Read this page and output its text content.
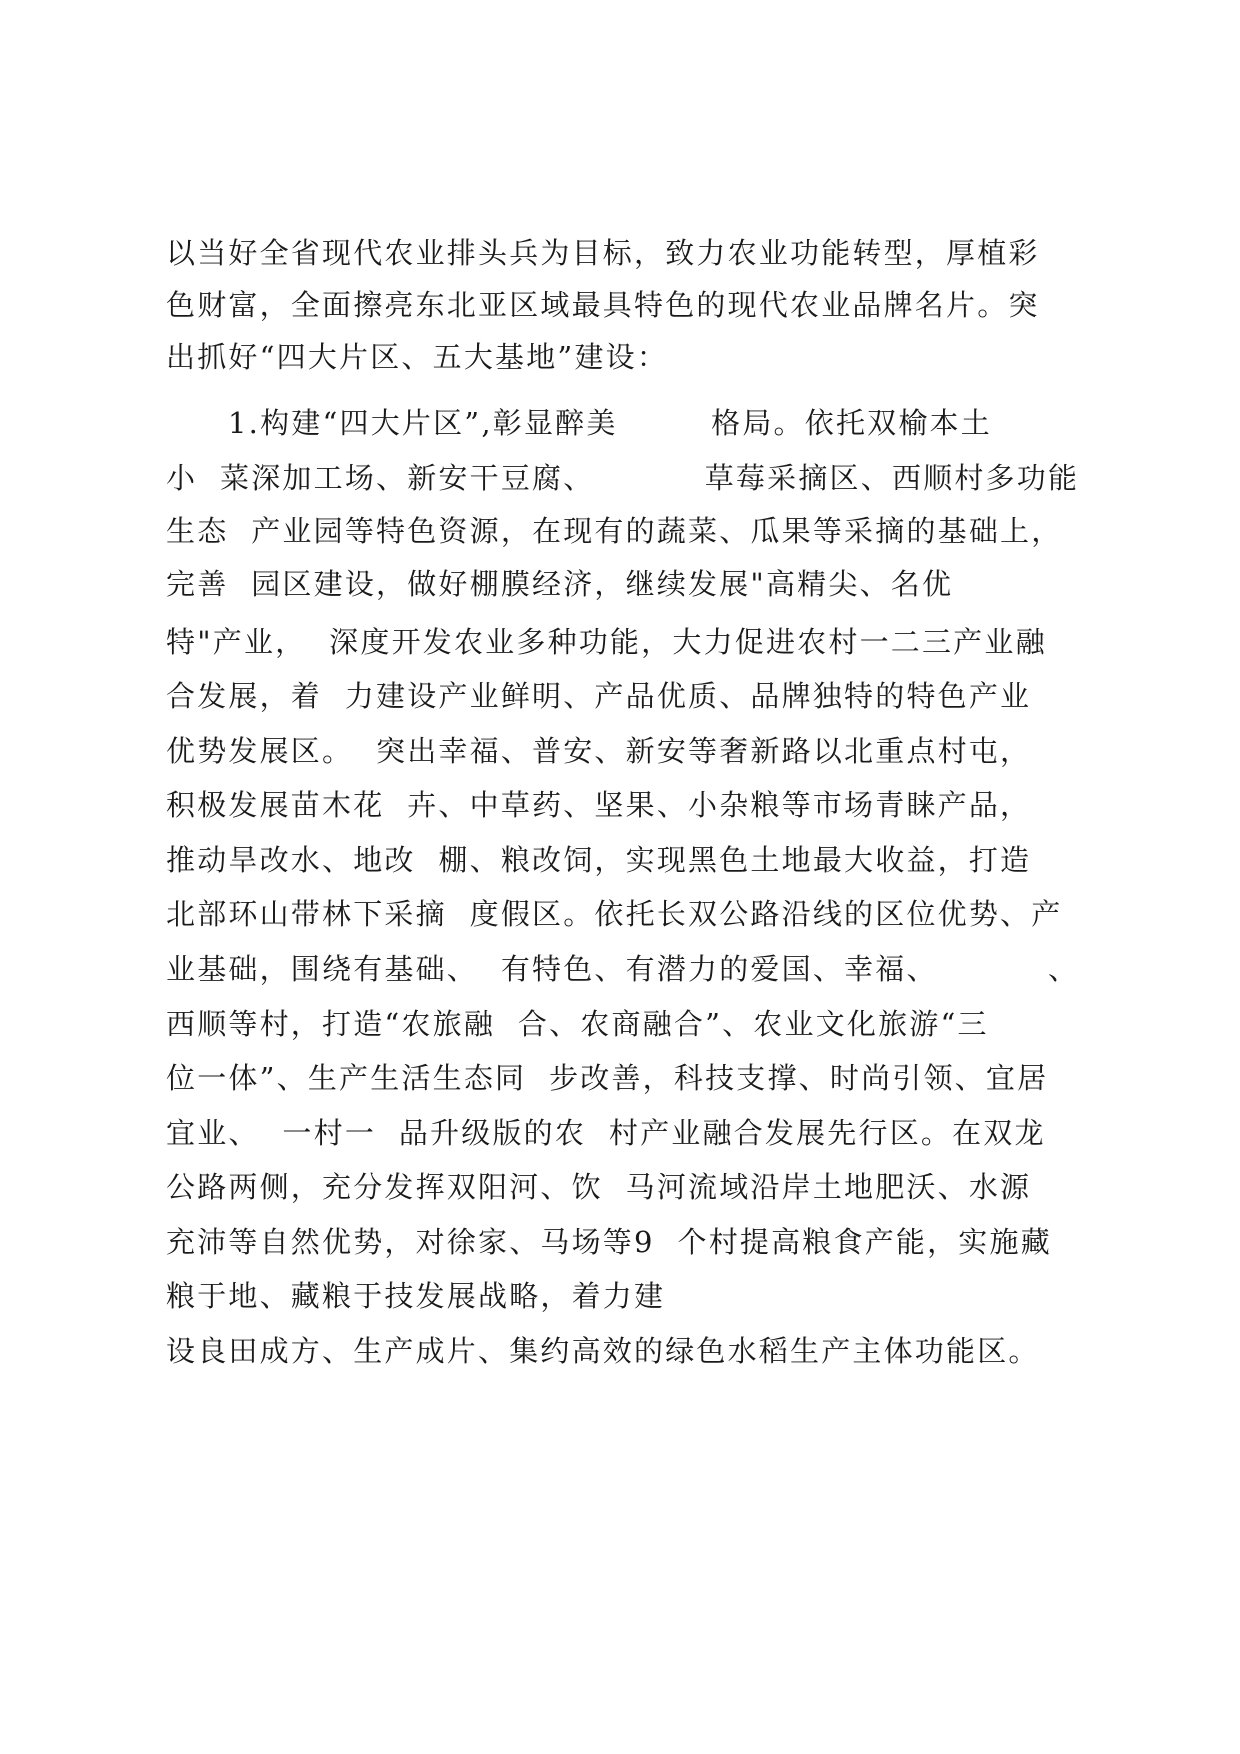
以当好全省现代农业排头兵为目标，致力农业功能转型，厚植彩
色财富，全面擦亮东北亚区域最具特色的现代农业品牌名片。突
出抓好“四大片区、五大基地”建设：
1.构建“四大片区”,彰显醉美　　　格局。依托双榆本土
小  菜深加工场、新安干豆腐、　　　　草莓采摘区、西顺村多功能
生态  产业园等特色资源，在现有的蔬菜、瓜果等采摘的基础上，
完善  园区建设，做好棚膜经济，继续发展"高精尖、名优
特"产业，  深度开发农业多种功能，大力促进农村一二三产业融
合发展，着  力建设产业鲜明、产品优质、品牌独特的特色产业
优势发展区。  突出幸福、普安、新安等奢新路以北重点村屯，
积极发展苗木花  卉、中草药、坚果、小杂粮等市场青睐产品，
推动旱改水、地改  棚、粮改饲，实现黑色土地最大收益，打造
北部环山带林下采摘  度假区。依托长双公路沿线的区位优势、产
业基础，围绕有基础、  有特色、有潜力的爱国、幸福、　　　　、
西顺等村，打造“农旅融  合、农商融合”、农业文化旅游“三
位一体”、生产生活生态同  步改善，科技支撑、时尚引领、宜居
宜业、  一村一  品升级版的农  村产业融合发展先行区。在双龙
公路两侧，充分发挥双阳河、饮  马河流域沿岸土地肥沃、水源
充沛等自然优势，对徐家、马场等9  个村提高粮食产能，实施藏
粮于地、藏粮于技发展战略，着力建
设良田成方、生产成片、集约高效的绿色水稻生产主体功能区。
